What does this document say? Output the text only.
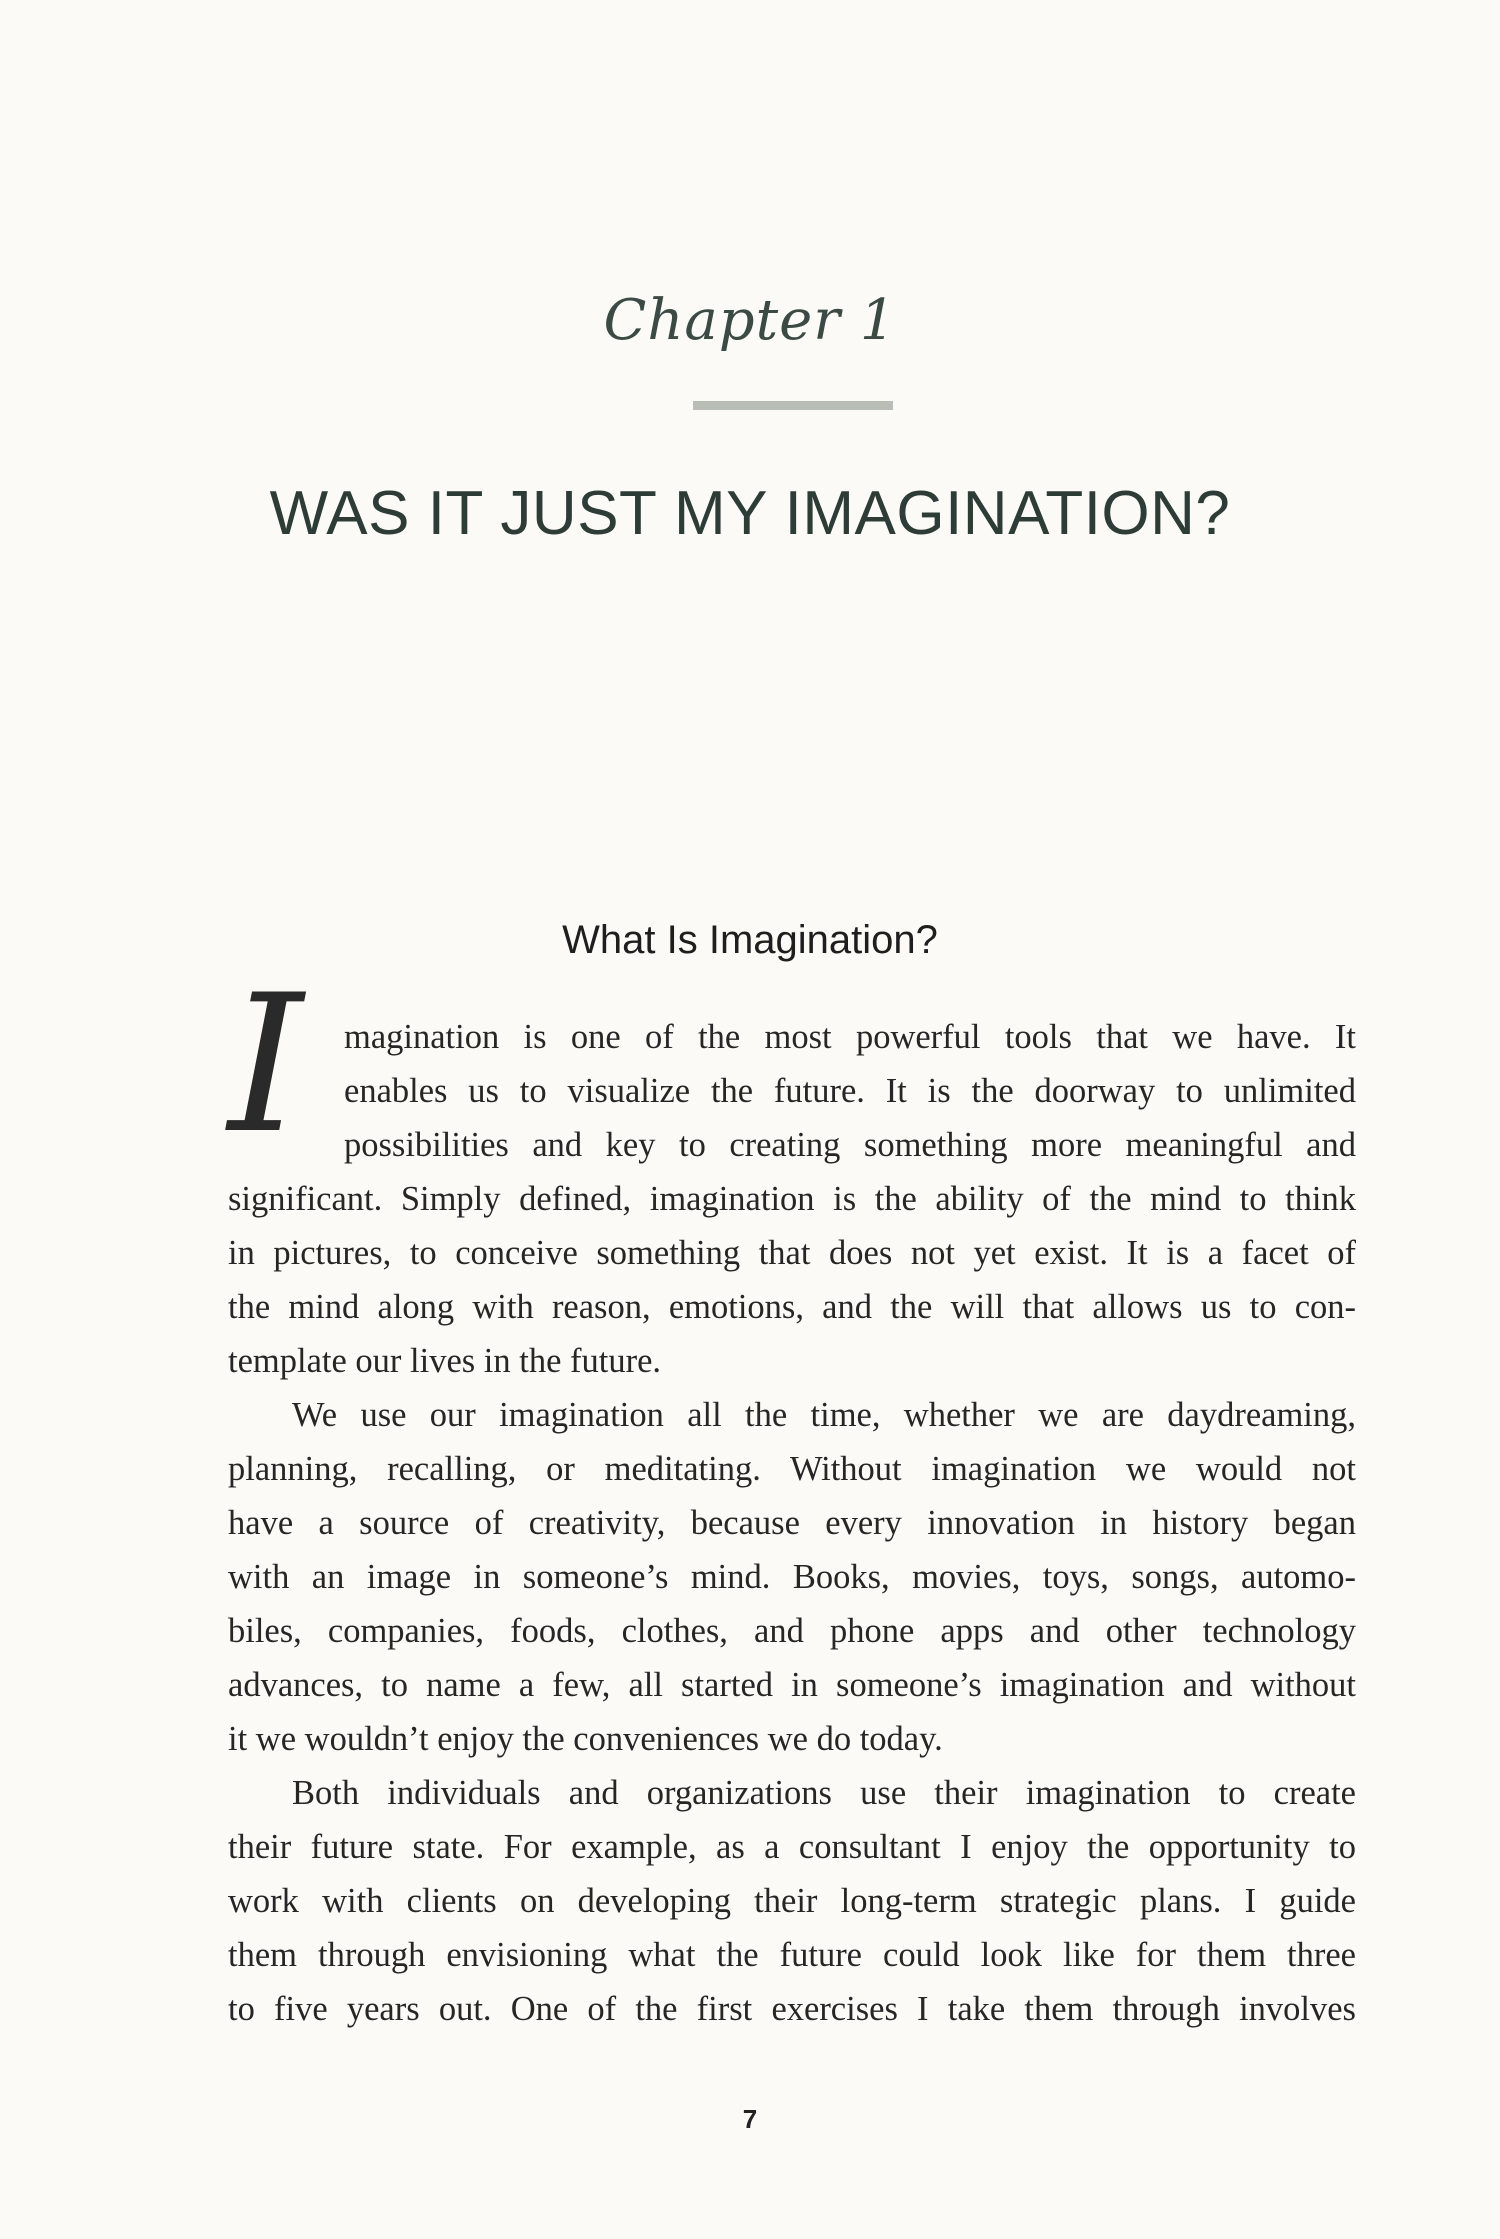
Chapter 1
WAS IT JUST MY IMAGINATION?
What Is Imagination?
I	magination is one of the most powerful tools that we have. It
enables us to visualize the future. It is the doorway to unlimited
possibilities and key to creating something more meaningful and
significant. Simply defined, imagination is the ability of the mind to think
in pictures, to conceive something that does not yet exist. It is a facet of
the mind along with reason, emotions, and the will that allows us to con-
template our lives in the future.
We use our imagination all the time, whether we are daydreaming,
planning, recalling, or meditating. Without imagination we would not
have a source of creativity, because every innovation in history began
with an image in someone’s mind. Books, movies, toys, songs, automo-
biles, companies, foods, clothes, and phone apps and other technology
advances, to name a few, all started in someone’s imagination and without
it we wouldn’t enjoy the conveniences we do today.
Both individuals and organizations use their imagination to create
their future state. For example, as a consultant I enjoy the opportunity to
work with clients on developing their long-term strategic plans. I guide
them through envisioning what the future could look like for them three
to five years out. One of the first exercises I take them through involves
7
